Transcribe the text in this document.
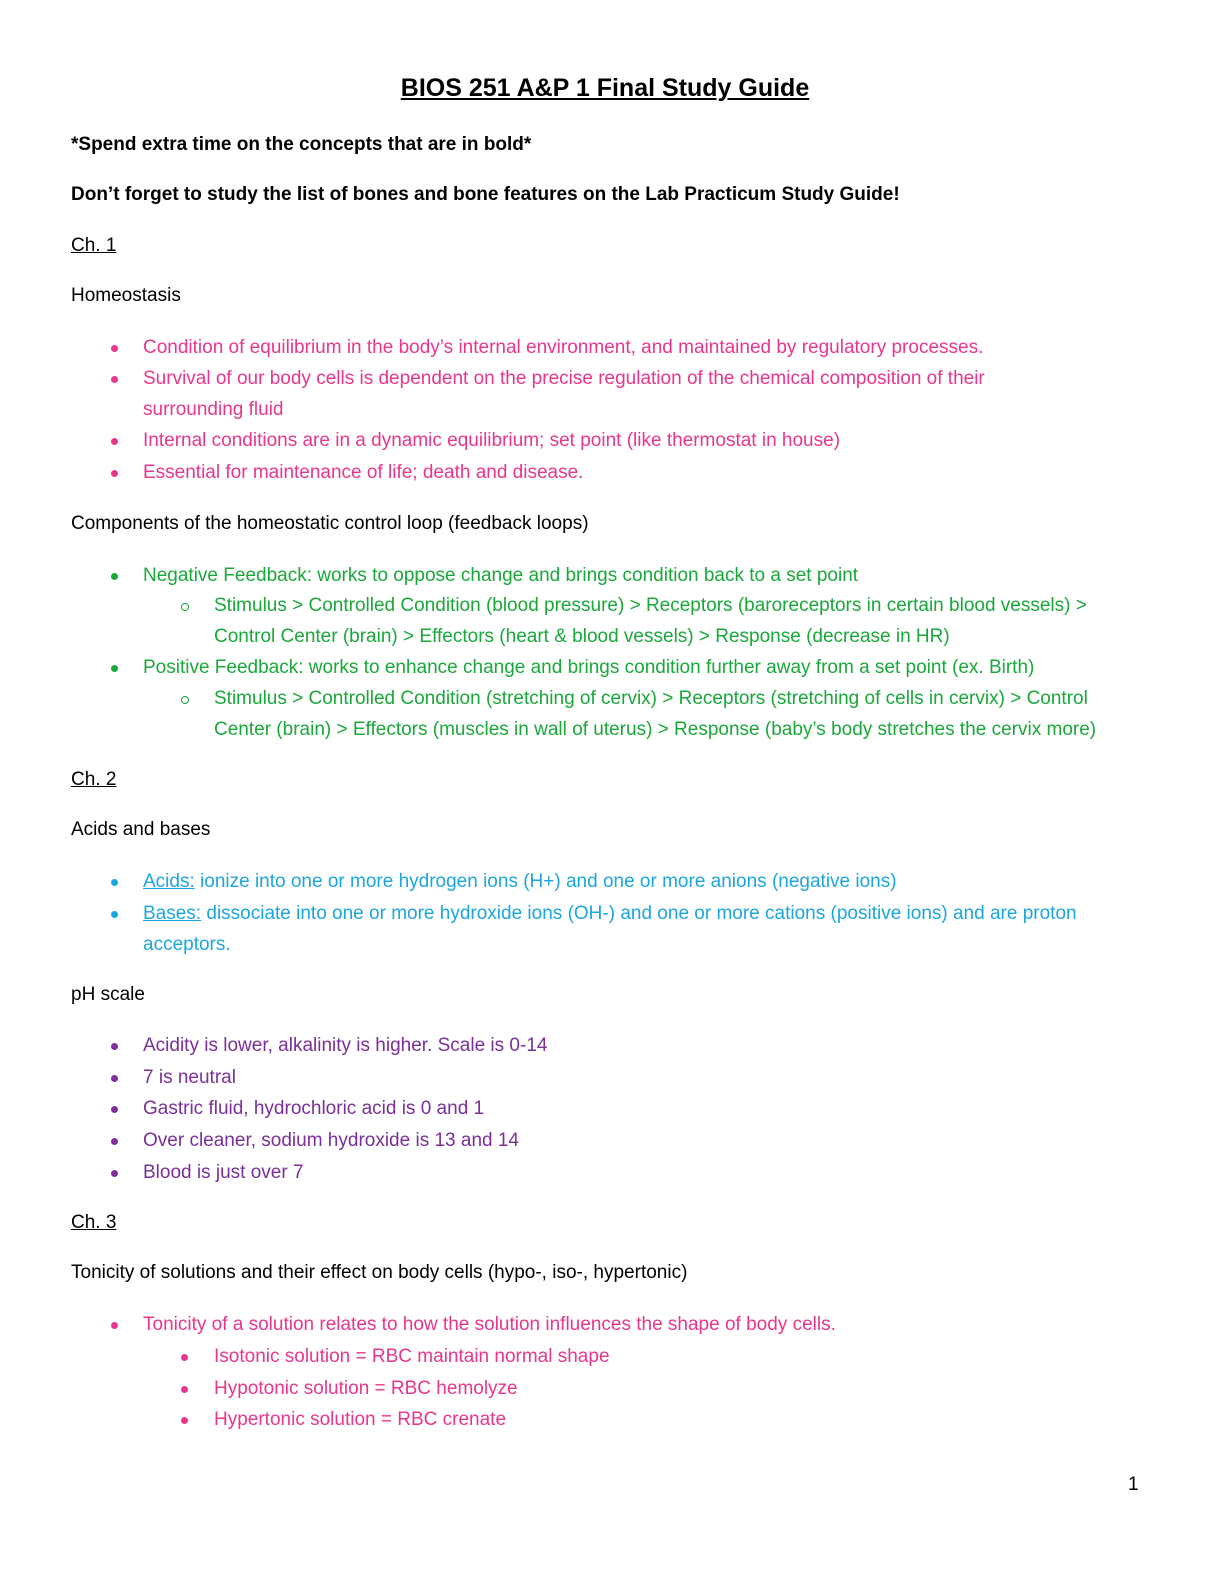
BIOS 251 A&P 1 Final Study Guide
*Spend extra time on the concepts that are in bold*
Don’t forget to study the list of bones and bone features on the Lab Practicum Study Guide!
Ch. 1
Homeostasis
Condition of equilibrium in the body’s internal environment, and maintained by regulatory processes.
Survival of our body cells is dependent on the precise regulation of the chemical composition of their
surrounding fluid
Internal conditions are in a dynamic equilibrium; set point (like thermostat in house)
Essential for maintenance of life; death and disease.
Components of the homeostatic control loop (feedback loops)
Negative Feedback: works to oppose change and brings condition back to a set point
Stimulus > Controlled Condition (blood pressure) > Receptors (baroreceptors in certain blood vessels) >
Control Center (brain) > Effectors (heart & blood vessels) > Response (decrease in HR)
Positive Feedback: works to enhance change and brings condition further away from a set point (ex. Birth)
Stimulus > Controlled Condition (stretching of cervix) > Receptors (stretching of cells in cervix) > Control
Center (brain) > Effectors (muscles in wall of uterus) > Response (baby’s body stretches the cervix more)
Ch. 2
Acids and bases
Acids: ionize into one or more hydrogen ions (H+) and one or more anions (negative ions)
Bases: dissociate into one or more hydroxide ions (OH-) and one or more cations (positive ions) and are proton
acceptors.
pH scale
Acidity is lower, alkalinity is higher. Scale is 0-14
7 is neutral
Gastric fluid, hydrochloric acid is 0 and 1
Over cleaner, sodium hydroxide is 13 and 14
Blood is just over 7
Ch. 3
Tonicity of solutions and their effect on body cells (hypo-, iso-, hypertonic)
Tonicity of a solution relates to how the solution influences the shape of body cells.
Isotonic solution = RBC maintain normal shape
Hypotonic solution = RBC hemolyze
Hypertonic solution = RBC crenate
1
